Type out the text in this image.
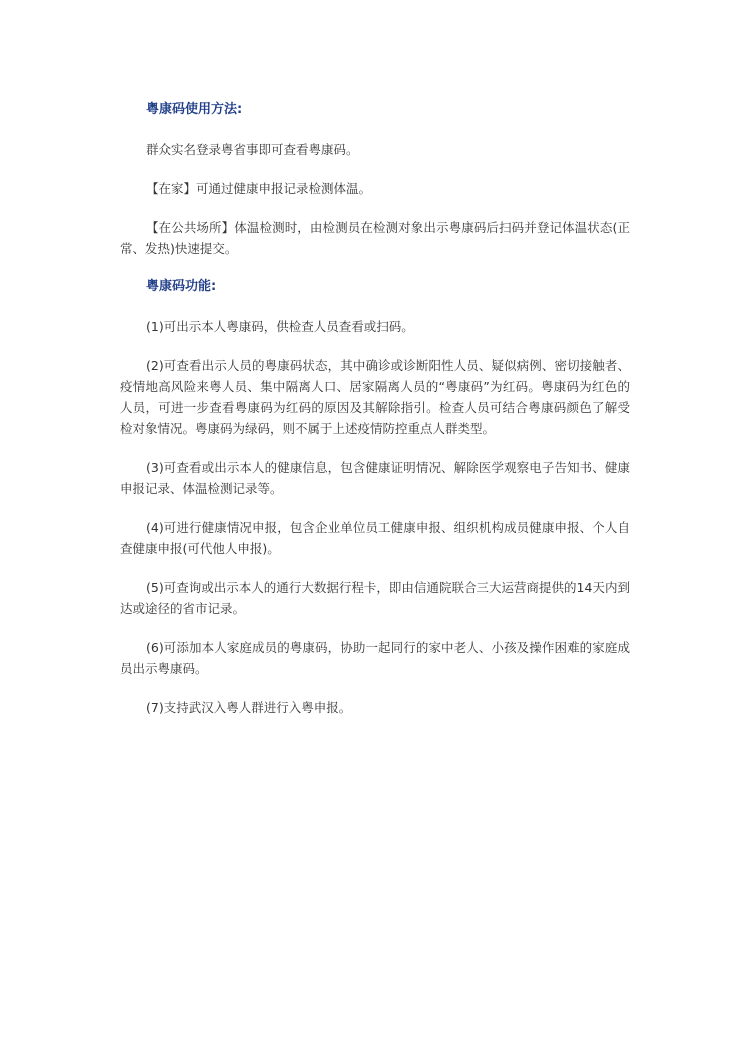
粤康码使用方法:

群众实名登录粤省事即可查看粤康码。

【在家】可通过健康申报记录检测体温。

【在公共场所】体温检测时，由检测员在检测对象出示粤康码后扫码并登记体温状态(正常、发热)快速提交。

粤康码功能:

(1)可出示本人粤康码，供检查人员查看或扫码。

(2)可查看出示人员的粤康码状态，其中确诊或诊断阳性人员、疑似病例、密切接触者、疫情地高风险来粤人员、集中隔离人口、居家隔离人员的“粤康码”为红码。粤康码为红色的人员，可进一步查看粤康码为红码的原因及其解除指引。检查人员可结合粤康码颜色了解受检对象情况。粤康码为绿码，则不属于上述疫情防控重点人群类型。

(3)可查看或出示本人的健康信息，包含健康证明情况、解除医学观察电子告知书、健康申报记录、体温检测记录等。

(4)可进行健康情况申报，包含企业单位员工健康申报、组织机构成员健康申报、个人自查健康申报(可代他人申报)。

(5)可查询或出示本人的通行大数据行程卡，即由信通院联合三大运营商提供的14天内到达或途径的省市记录。

(6)可添加本人家庭成员的粤康码，协助一起同行的家中老人、小孩及操作困难的家庭成员出示粤康码。

(7)支持武汉入粤人群进行入粤申报。
